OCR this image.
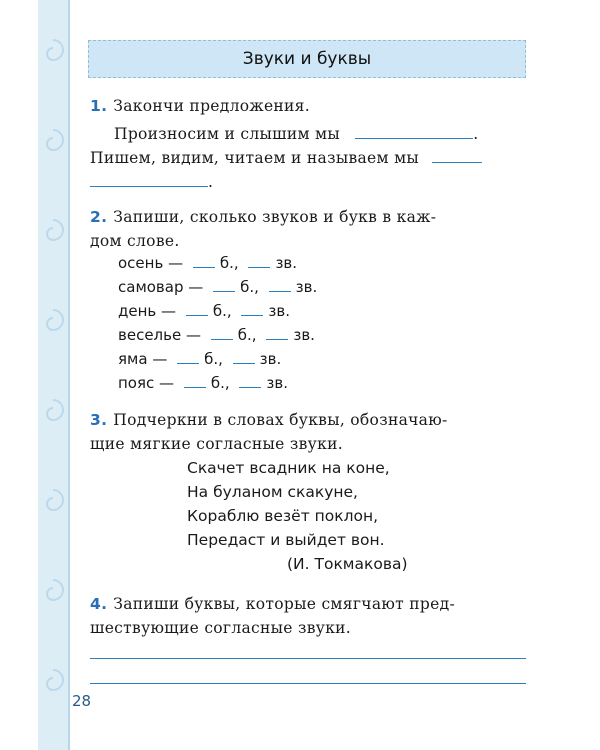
Звуки и буквы
1. Закончи предложения.
Произносим и слышим мы	.
Пишем, видим, читаем и называем мы
.
2. Запиши, сколько звуков и букв в каж-
дом слове.
осень — б., зв.
самовар — б., зв.
день — б., зв.
веселье — б., зв.
яма — б., зв.
пояс — б., зв.
3. Подчеркни в словах буквы, обозначаю-
щие мягкие согласные звуки.
Скачет всадник на коне,
На буланом скакуне,
Кораблю везёт поклон,
Передаст и выйдет вон.
(И. Токмакова)
4. Запиши буквы, которые смягчают пред-
шествующие согласные звуки.
28
